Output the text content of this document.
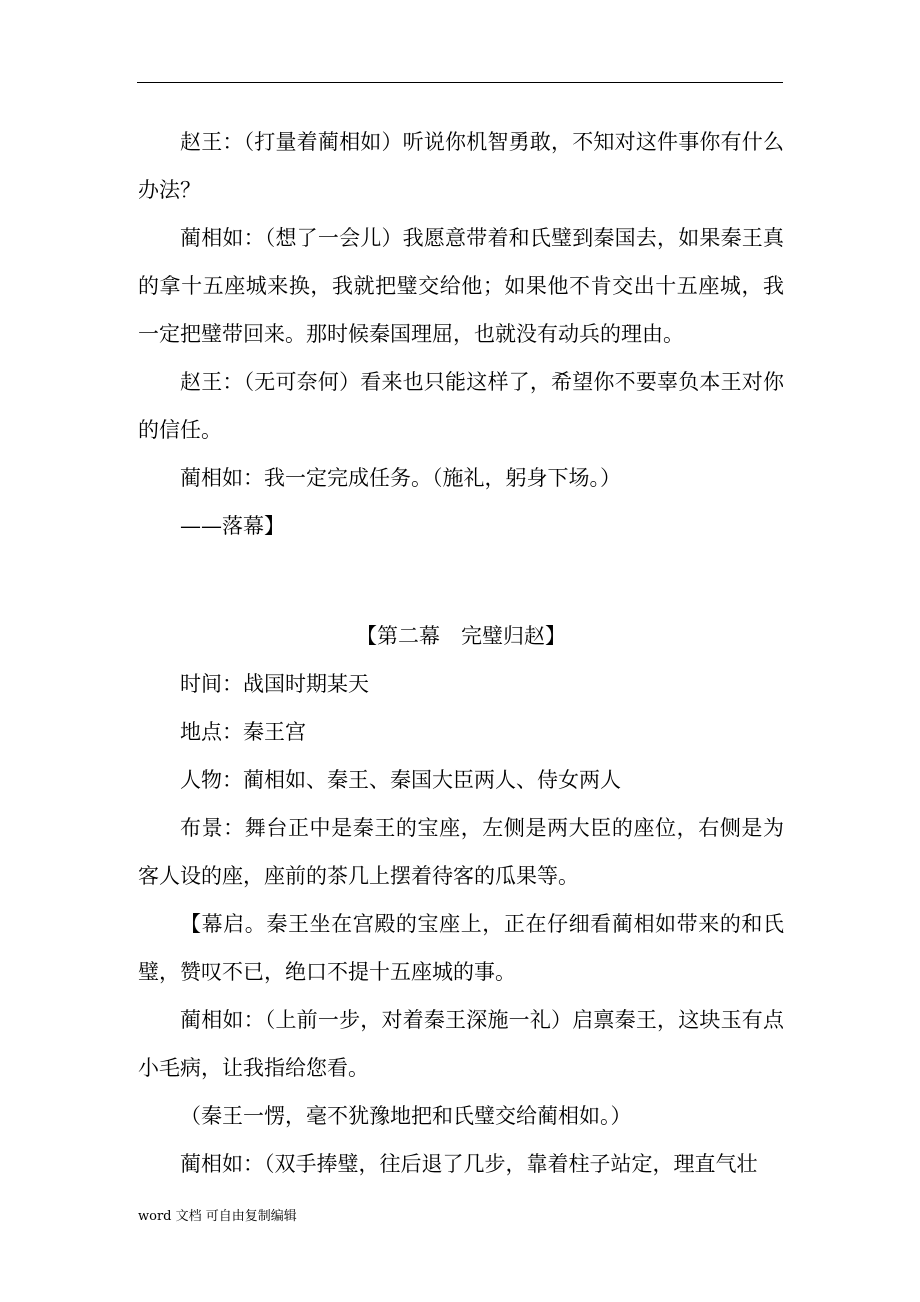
赵王：（打量着蔺相如）听说你机智勇敢，不知对这件事你有什么办法？

蔺相如：（想了一会儿）我愿意带着和氏璧到秦国去，如果秦王真的拿十五座城来换，我就把璧交给他；如果他不肯交出十五座城，我一定把璧带回来。那时候秦国理屈，也就没有动兵的理由。

赵王：（无可奈何）看来也只能这样了，希望你不要辜负本王对你的信任。

蔺相如：我一定完成任务。（施礼，躬身下场。）

——落幕】

【第二幕　完璧归赵】

时间：战国时期某天

地点：秦王宫

人物：蔺相如、秦王、秦国大臣两人、侍女两人

布景：舞台正中是秦王的宝座，左侧是两大臣的座位，右侧是为客人设的座，座前的茶几上摆着待客的瓜果等。

【幕启。秦王坐在宫殿的宝座上，正在仔细看蔺相如带来的和氏璧，赞叹不已，绝口不提十五座城的事。

蔺相如：（上前一步，对着秦王深施一礼）启禀秦王，这块玉有点小毛病，让我指给您看。

（秦王一愣，毫不犹豫地把和氏璧交给蔺相如。）

蔺相如：（双手捧璧，往后退了几步，靠着柱子站定，理直气壮

word 文档 可自由复制编辑
